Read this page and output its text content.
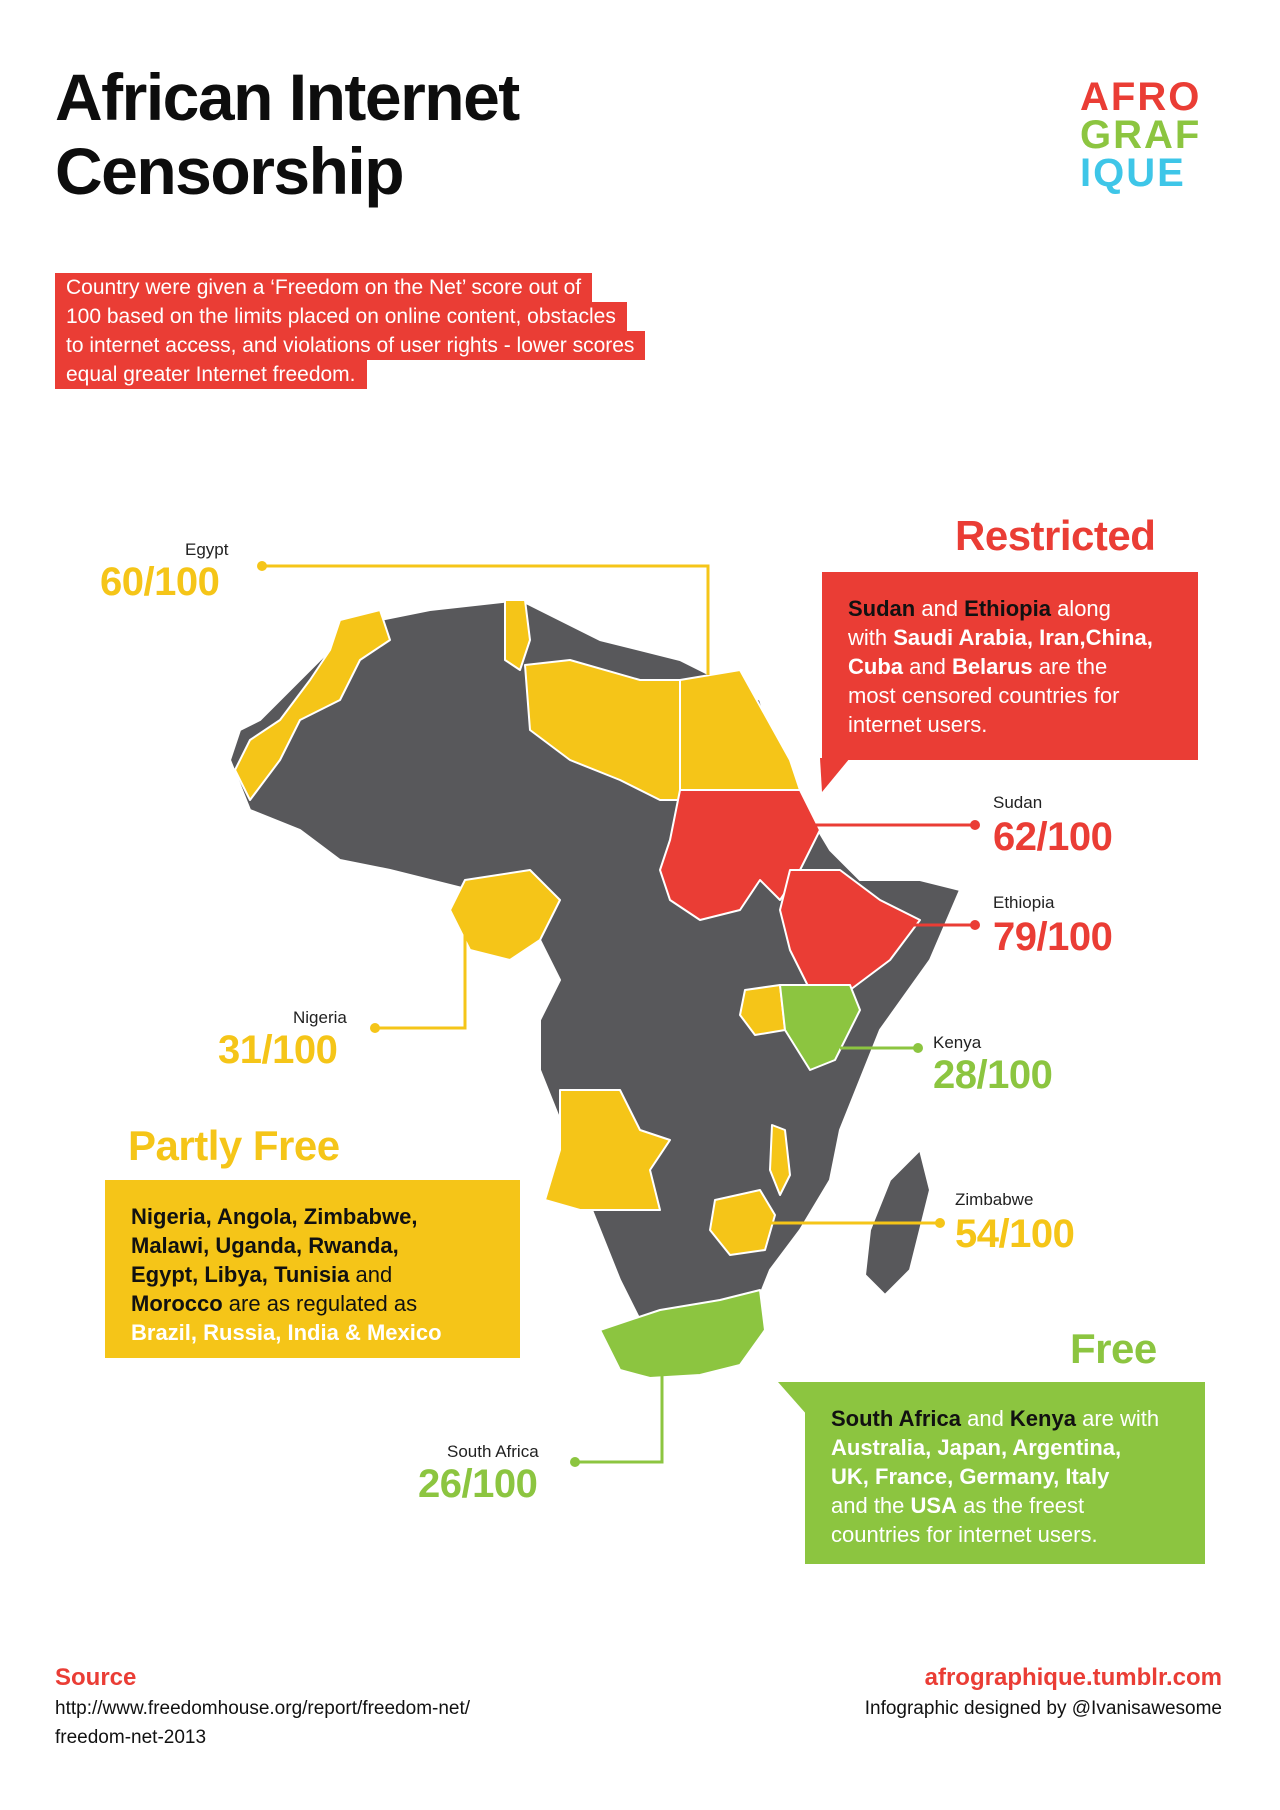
African Internet
Censorship
AFRO
GRAF
IQUE
Country were given a ‘Freedom on the Net’ score out of
100 based on the limits placed on online content, obstacles
to internet access, and violations of user rights - lower scores
equal greater Internet freedom.
Egypt
60/100
Restricted
Sudan and Ethiopia along
with Saudi Arabia, Iran,China,
Cuba and Belarus are the
most censored countries for
internet users.
Sudan
62/100
Ethiopia
79/100
Nigeria
31/100	Kenya
28/100
Partly Free
Nigeria, Angola, Zimbabwe,
Malawi, Uganda, Rwanda,
Egypt, Libya, Tunisia and
Morocco are as regulated as
Brazil, Russia, India & Mexico
Zimbabwe
54/100
Free
South Africa and Kenya are with
Australia, Japan, Argentina,
UK, France, Germany, Italy
and the USA as the freest
countries for internet users.
South Africa
26/100
Source
http://www.freedomhouse.org/report/freedom-net/
freedom-net-2013
afrographique.tumblr.com
Infographic designed by @Ivanisawesome
